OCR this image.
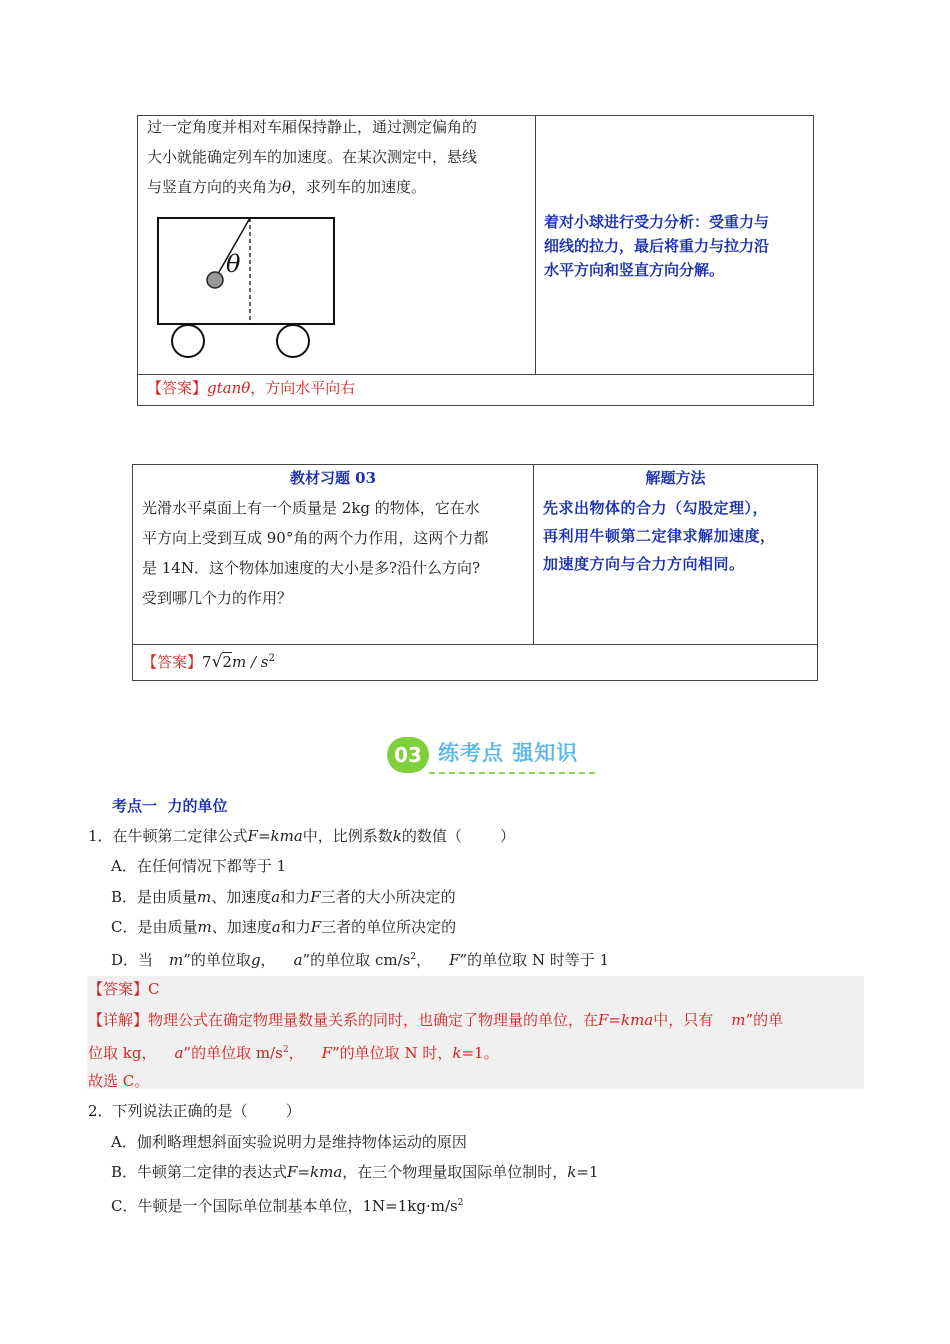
过一定角度并相对车厢保持静止，通过测定偏角的
大小就能确定列车的加速度。在某次测定中，悬线
与竖直方向的夹角为θ，求列车的加速度。
θ
着对小球进行受力分析：受重力与
细线的拉力，最后将重力与拉力沿
水平方向和竖直方向分解。
【答案】gtanθ，方向水平向右
教材习题 03	解题方法
光滑水平桌面上有一个质量是 2kg 的物体，它在水
平方向上受到互成 90°角的两个力作用，这两个力都
是 14N．这个物体加速度的大小是多?沿什么方向?
受到哪几个力的作用？
先求出物体的合力（勾股定理），
再利用牛顿第二定律求解加速度，
加速度方向与合力方向相同。
【答案】$7√2m / s^2$
03 练考点 强知识
考点一  力的单位
1．在牛顿第二定律公式F=kma中，比例系数k的数值（        ）
A．在任何情况下都等于 1
B．是由质量m、加速度a和力F三者的大小所决定的
C．是由质量m、加速度a和力F三者的单位所决定的
D．当 m”的单位取g， a”的单位取 $cm/s^2$， F”的单位取 N 时等于 1
【答案】C
【详解】物理公式在确定物理量数量关系的同时，也确定了物理量的单位，在F=kma中，只有 m”的单
位取 kg， a”的单位取 $m/s^2$， F”的单位取 N 时，k=1。
故选 C。
2．下列说法正确的是（        ）
A．伽利略理想斜面实验说明力是维持物体运动的原因
B．牛顿第二定律的表达式F=kma，在三个物理量取国际单位制时，k=1
C．牛顿是一个国际单位制基本单位，$1N=1kg\cdot m/s^2$
